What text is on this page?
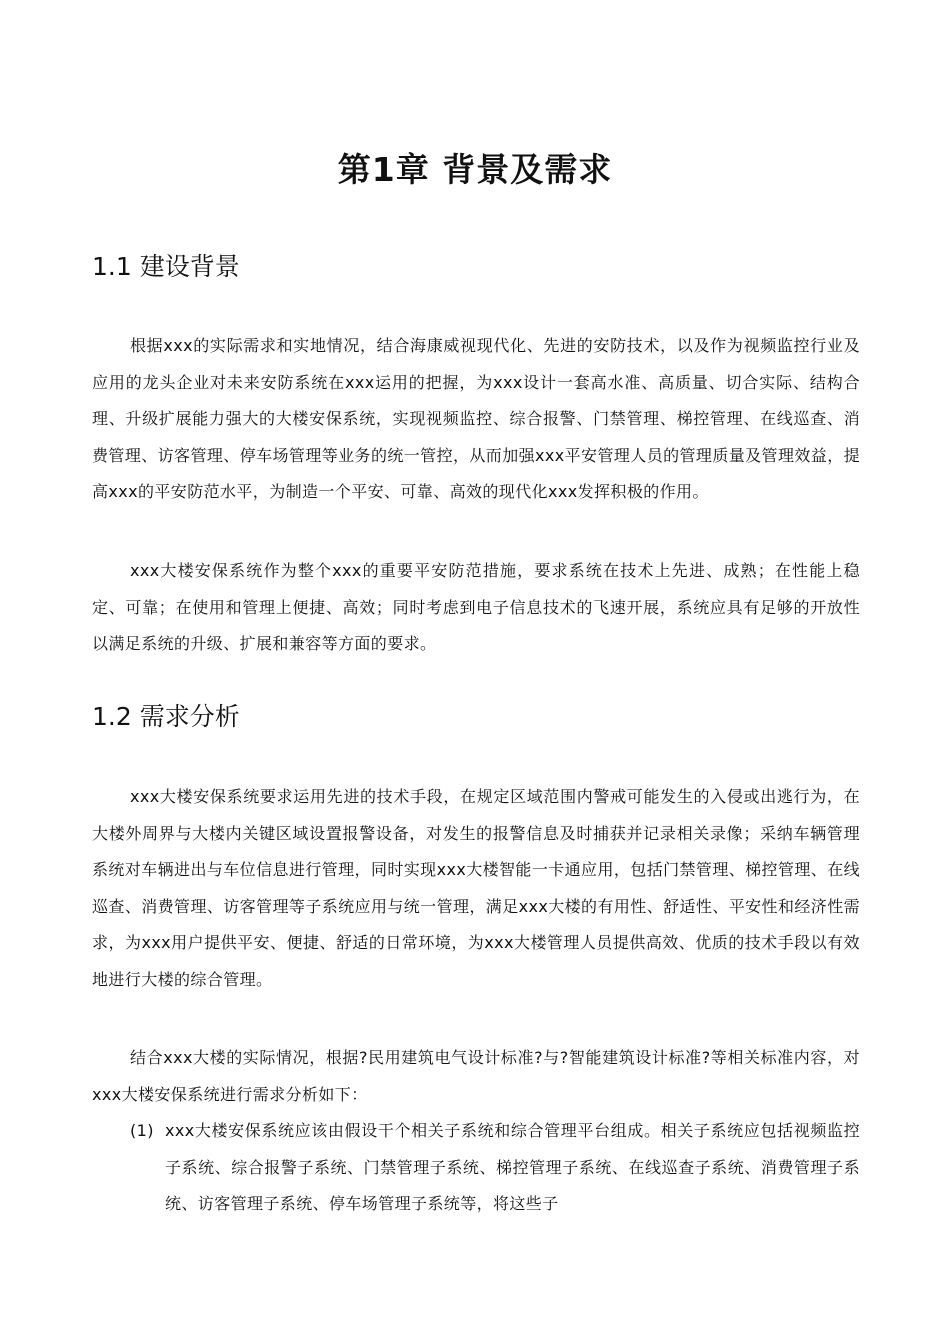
第1章 背景及需求
1.1 建设背景

根据xxx的实际需求和实地情况，结合海康威视现代化、先进的安防技术，以及作为视频监控行业及应用的龙头企业对未来安防系统在xxx运用的把握，为xxx设计一套高水准、高质量、切合实际、结构合理、升级扩展能力强大的大楼安保系统，实现视频监控、综合报警、门禁管理、梯控管理、在线巡查、消费管理、访客管理、停车场管理等业务的统一管控，从而加强xxx平安管理人员的管理质量及管理效益，提高xxx的平安防范水平，为制造一个平安、可靠、高效的现代化xxx发挥积极的作用。

xxx大楼安保系统作为整个xxx的重要平安防范措施，要求系统在技术上先进、成熟；在性能上稳定、可靠；在使用和管理上便捷、高效；同时考虑到电子信息技术的飞速开展，系统应具有足够的开放性以满足系统的升级、扩展和兼容等方面的要求。

1.2 需求分析

xxx大楼安保系统要求运用先进的技术手段，在规定区域范围内警戒可能发生的入侵或出逃行为，在大楼外周界与大楼内关键区域设置报警设备，对发生的报警信息及时捕获并记录相关录像；采纳车辆管理系统对车辆进出与车位信息进行管理，同时实现xxx大楼智能一卡通应用，包括门禁管理、梯控管理、在线巡查、消费管理、访客管理等子系统应用与统一管理，满足xxx大楼的有用性、舒适性、平安性和经济性需求，为xxx用户提供平安、便捷、舒适的日常环境，为xxx大楼管理人员提供高效、优质的技术手段以有效地进行大楼的综合管理。

结合xxx大楼的实际情况，根据?民用建筑电气设计标准?与?智能建筑设计标准?等相关标准内容，对xxx大楼安保系统进行需求分析如下：

(1) xxx大楼安保系统应该由假设干个相关子系统和综合管理平台组成。相关子系统应包括视频监控子系统、综合报警子系统、门禁管理子系统、梯控管理子系统、在线巡查子系统、消费管理子系统、访客管理子系统、停车场管理子系统等，将这些子
